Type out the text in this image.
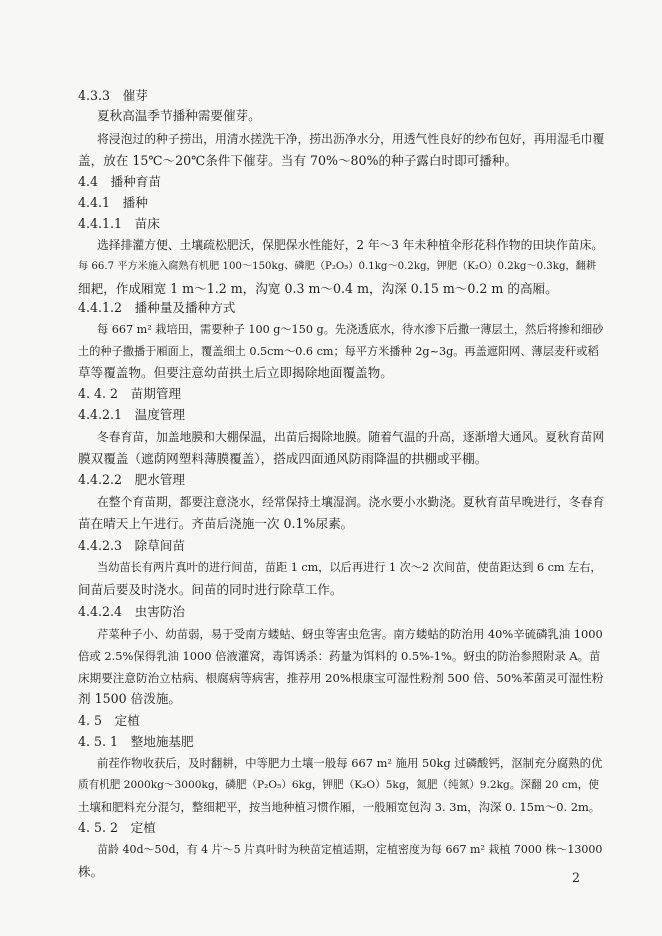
4.3.3　催芽
夏秋高温季节播种需要催芽。
将浸泡过的种子捞出，用清水搓洗干净，捞出沥净水分，用透气性良好的纱布包好，再用湿毛巾覆
盖，放在 15℃～20℃条件下催芽。当有 70%～80%的种子露白时即可播种。
4.4　播种育苗
4.4.1　播种
4.4.1.1　苗床
选择排灌方便、土壤疏松肥沃，保肥保水性能好，2 年～3 年未种植伞形花科作物的田块作苗床。
每 66.7 平方米施入腐熟有机肥 100～150kg、磷肥（P₂O₅）0.1kg～0.2kg，钾肥（K₂O）0.2kg～0.3kg，翻耕
细耙，作成厢宽 1 m～1.2 m，沟宽 0.3 m～0.4 m，沟深 0.15 m～0.2 m 的高厢。
4.4.1.2　播种量及播种方式
每 667 m² 栽培田，需要种子 100 g～150 g。先浇透底水，待水渗下后撒一薄层土，然后将掺和细砂
土的种子撒播于厢面上，覆盖细土 0.5cm～0.6 cm；每平方米播种 2g~3g。再盖遮阳网、薄层麦秆或稻
草等覆盖物。但要注意幼苗拱土后立即揭除地面覆盖物。
4. 4. 2　苗期管理
4.4.2.1　温度管理
冬春育苗，加盖地膜和大棚保温，出苗后揭除地膜。随着气温的升高，逐渐增大通风。夏秋育苗网
膜双覆盖（遮荫网塑料薄膜覆盖），搭成四面通风防雨降温的拱棚或平棚。
4.4.2.2　肥水管理
在整个育苗期，都要注意浇水，经常保持土壤湿润。浇水要小水勤浇。夏秋育苗早晚进行，冬春育
苗在晴天上午进行。齐苗后浇施一次 0.1%尿素。
4.4.2.3　除草间苗
当幼苗长有两片真叶的进行间苗，苗距 1 cm，以后再进行 1 次～2 次间苗，使苗距达到 6 cm 左右，
间苗后要及时浇水。间苗的同时进行除草工作。
4.4.2.4　虫害防治
芹菜种子小、幼苗弱，易于受南方蝼蛄、蚜虫等害虫危害。南方蝼蛄的防治用 40%辛硫磷乳油 1000
倍或 2.5%保得乳油 1000 倍液灌窝，毒饵诱杀：药量为饵料的 0.5%-1%。蚜虫的防治参照附录 A。苗
床期要注意防治立枯病、根腐病等病害，推荐用 20%根康宝可湿性粉剂 500 倍、50%苯菌灵可湿性粉
剂 1500 倍泼施。
4. 5　定植
4. 5. 1　整地施基肥
前茬作物收获后，及时翻耕，中等肥力土壤一般每 667 m² 施用 50kg 过磷酸钙，沤制充分腐熟的优
质有机肥 2000kg～3000kg，磷肥（P₂O₅）6kg，钾肥（K₂O）5kg，氮肥（纯氮）9.2kg。深翻 20 cm，使
土壤和肥料充分混匀，整细耙平，按当地种植习惯作厢，一般厢宽包沟 3. 3m，沟深 0. 15m～0. 2m。
4. 5. 2　定植
苗龄 40d～50d，有 4 片～5 片真叶时为秧苗定植适期，定植密度为每 667 m² 栽植 7000 株～13000
株。	2
